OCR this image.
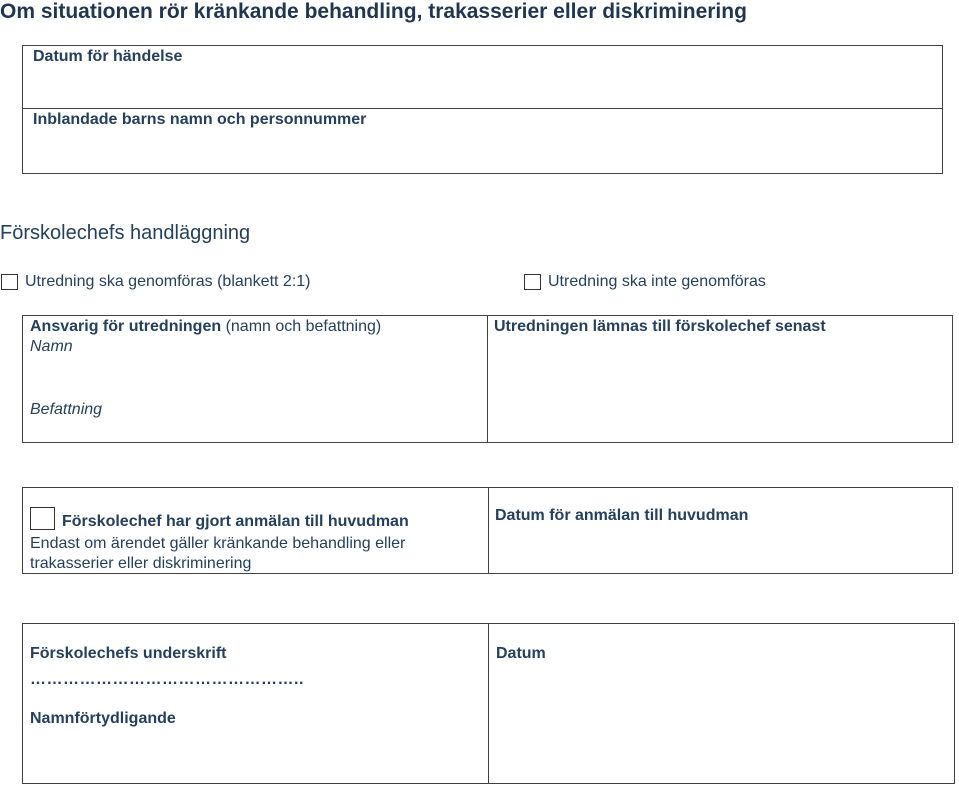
Om situationen rör kränkande behandling, trakasserier eller diskriminering
Datum för händelse
Inblandade barns namn och personnummer
Förskolechefs handläggning
Utredning ska genomföras (blankett 2:1)	Utredning ska inte genomföras
Ansvarig för utredningen (namn och befattning)
Namn
Befattning
Utredningen lämnas till förskolechef senast
Förskolechef har gjort anmälan till huvudman
Endast om ärendet gäller kränkande behandling eller
trakasserier eller diskriminering
Datum för anmälan till huvudman
Förskolechefs underskrift
…………………………………………..
Namnförtydligande
Datum
